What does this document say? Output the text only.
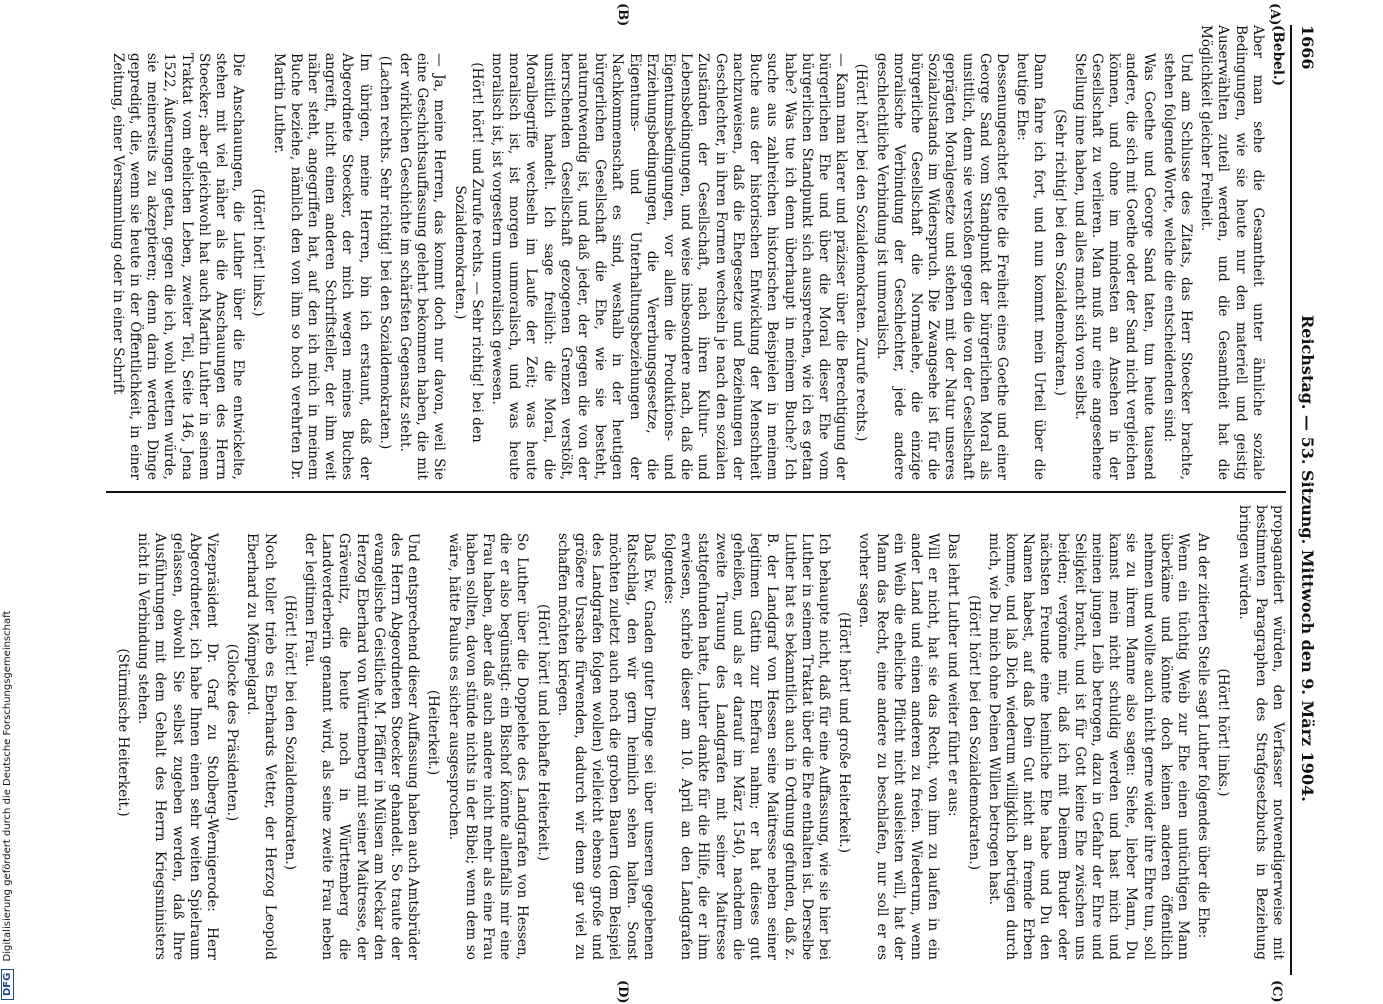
1666
Reichstag. — 53. Sitzung. Mittwoch den 9. März 1904.
(A)
(B)
(C)
(D)

(Bebel.)

Aber man sehe die Gesamtheit unter ähnliche soziale Bedingungen, wie sie heute nur den materiell und geistig Auserwählten zuteil werden, und die Gesamtheit hat die Möglichkeit gleicher Freiheit.

Und am Schlusse des Zitats, das Herr Stoecker brachte, stehen folgende Worte, welche die entscheidenden sind:

Was Goethe und George Sand taten, tun heute tausend andere, die sich mit Goethe oder der Sand nicht vergleichen können, und ohne im mindesten an Ansehen in der Gesellschaft zu verlieren. Man muß nur eine angesehene Stellung inne haben, und alles macht sich von selbst.

(Sehr richtig! bei den Sozialdemokraten.)

Dann fahre ich fort, und nun kommt mein Urteil über die heutige Ehe:

Dessenungeachtet gelte die Freiheit eines Goethe und einer George Sand vom Standpunkt der bürgerlichen Moral als unsittlich, denn sie verstoßen gegen die von der Gesellschaft geprägten Moralgesetze und stehen mit der Natur unseres Sozialzustands im Widerspruch. Die Zwangsehe ist für die bürgerliche Gesellschaft die Normalehe, die einzige moralische Verbindung der Geschlechter, jede andere geschlechtliche Verbindung ist unmoralisch.

(Hört! hört! bei den Sozialdemokraten. Zurufe rechts.)

— Kann man klarer und präziser über die Berechtigung der bürgerlichen Ehe und über die Moral dieser Ehe vom bürgerlichen Standpunkt sich aussprechen, wie ich es getan habe? Was tue ich denn überhaupt in meinem Buche? Ich suche aus zahlreichen historischen Beispielen in meinem Buche aus der historischen Entwicklung der Menschheit nachzuweisen, daß die Ehegesetze und Beziehungen der Geschlechter, in ihren Formen wechseln je nach den sozialen Zuständen der Gesellschaft, nach ihren Kultur- und Lebensbedingungen, und weise insbesondere nach, daß die Eigentumsbedingungen, vor allem die Produktions- und Erziehungsbedingungen, die Vererbungsgesetze, die Eigentums- und Unterhaltungsbeziehungen der Nachkommenschaft es sind, weshalb in der heutigen bürgerlichen Gesellschaft die Ehe, wie sie besteht, naturnotwendig ist, und daß jeder, der gegen die von der herrschenden Gesellschaft gezogenen Grenzen verstößt, unsittlich handelt. Ich sage freilich: die Moral, die Moralbegriffe wechseln im Laufe der Zeit; was heute moralisch ist, ist morgen unmoralisch, und was heute moralisch ist, ist vorgestern unmoralisch gewesen.

(Hört! hört! und Zurufe rechts. — Sehr richtig! bei den Sozialdemokraten.)

— Ja, meine Herren, das kommt doch nur davon, weil Sie eine Geschichtsauffassung gelehrt bekommen haben, die mit der wirklichen Geschichte im schärfsten Gegensatz steht.

(Lachen rechts. Sehr richtig! bei den Sozialdemokraten.)

Im übrigen, meine Herren, bin ich erstaunt, daß der Abgeordnete Stoecker, der mich wegen meines Buches angreift, nicht einen anderen Schriftsteller, der ihm weit näher steht, angegriffen hat, auf den ich mich in meinem Buche beziehe, nämlich den von ihm so hoch verehrten Dr. Martin Luther.

(Hört! hört! links.)

Die Anschauungen, die Luther über die Ehe entwickelte, stehen mit viel näher als die Anschauungen des Herrn Stoecker; aber gleichwohl hat auch Martin Luther in seinem Traktat vom ehelichen Leben, zweiter Teil, Seite 146, Jena 1522, Äußerungen getan, gegen die ich, wohl wetten würde, sie meinerseits zu akzeptieren; denn darin werden Dinge gepredigt, die, wenn sie heute in der Öffentlichkeit, in einer Zeitung, einer Versammlung oder in einer Schrift

propagandiert würden, den Verfasser notwendigerweise mit bestimmten Paragraphen des Strafgesetzbuchs in Beziehung bringen würden.

(Hört! hört! links.)

An der zitierten Stelle sagt Luther folgendes über die Ehe:

Wenn ein tüchtig Weib zur Ehe einen untüchtigen Mann überkäme und könnte doch keinen anderen öffentlich nehmen und wollte auch nicht gerne wider ihre Ehre tun, soll sie zu ihrem Manne also sagen: Siehe, lieber Mann, Du kannst mein nicht schuldig werden und hast mich und meinen jungen Leib betrogen, dazu in Gefahr der Ehre und Seligkeit bracht, und ist für Gott keine Ehe zwischen uns beiden; vergönne mir, daß ich mit Deinem Bruder oder nächsten Freunde eine heimliche Ehe habe und Du den Namen habest, auf daß Dein Gut nicht an fremde Erben komme, und laß Dich wiederum willigklich betrügen durch mich, wie Du mich ohne Deinen Willen betrogen hast.

(Hört! hört! bei den Sozialdemokraten.)

Das lehrt Luther und weiter führt er aus:

Will er nicht, hat sie das Recht, von ihm zu laufen in ein ander Land und einen anderen zu freien. Wiederum, wenn ein Weib die eheliche Pflicht nicht ausleisten will, hat der Mann das Recht, eine andere zu beschlafen, nur soll er es vorher sagen.

(Hört! hört! und große Heiterkeit.)

Ich behaupte nicht, daß für eine Auffassung, wie sie hier bei Luther in seinem Traktat über die Ehe enthalten ist. Derselbe Luther hat es bekanntlich auch in Ordnung gefunden, daß z. B. der Landgraf von Hessen seine Maitresse neben seiner legitimen Gattin zur Ehefrau nahm; er hat dieses gut geheißen, und als er darauf im März 1540, nachdem die zweite Trauung des Landgrafen mit seiner Maitresse stattgefunden hatte, Luther dankte für die Hilfe, die er ihm erwiesen, schrieb dieser am 10. April an den Landgrafen folgendes:

Daß Ew. Gnaden guter Dinge sei über unseren gegebenen Ratschlag, den wir gern heimlich sehen halten. Sonst möchten zuletzt auch noch die groben Bauern (dem Beispiel des Landgrafen folgen wollen) vielleicht ebenso große und größere Ursache fürwenden, dadurch wir denn gar viel zu schaffen möchten kriegen.

(Hört! hört! und lebhafte Heiterkeit.)

So Luther über die Doppelehe des Landgrafen von Hessen, die er also begünstigt: ein Bischof könnte allenfalls mir eine Frau haben, aber daß auch andere nicht mehr als eine Frau haben sollten, davon stünde nichts in der Bibel; wenn dem so wäre, hätte Paulus es sicher ausgesprochen.

(Heiterkeit.)

Und entsprechend dieser Auffassung haben auch Amtsbrüder des Herrn Abgeordneten Stoecker gehandelt. So traute der evangelische Geistliche M. Pfäffler in Mülsen am Neckar den Herzog Eberhard von Württemberg mit seiner Maitresse, der Grävenitz, die heute noch in Württemberg die Landverderberin genannt wird, als seine zweite Frau neben der legitimen Frau.

(Hört! hört! bei den Sozialdemokraten.)

Noch toller trieb es Eberhards Vetter, der Herzog Leopold Eberhard zu Mömpelgard.

(Glocke des Präsidenten.)

Vizepräsident Dr. Graf zu Stolberg-Wernigerode: Herr Abgeordneter, ich habe Ihnen einen sehr weiten Spielraum gelassen, obwohl Sie selbst zugeben werden, daß Ihre Ausführungen mit dem Gehalt des Herrn Kriegsministers nicht in Verbindung stehen.

(Stürmische Heiterkeit.)

DFG Digitalisierung gefördert durch die Deutsche Forschungsgemeinschaft
